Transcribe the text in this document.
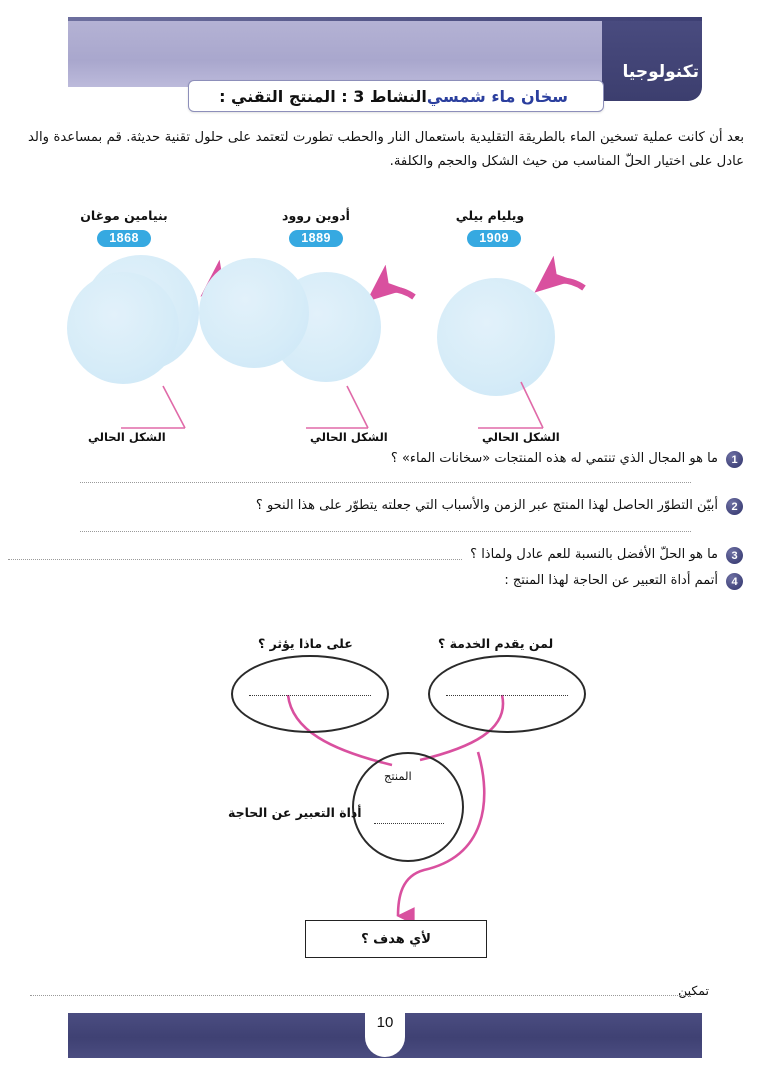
تكنولوجيا
سخان ماء شمسي
النشاط 3 : المنتج التقني :
بعد أن كانت عملية تسخين الماء بالطريقة التقليدية باستعمال النار والحطب تطورت لتعتمد على حلول تقنية حديثة. قم بمساعدة والد عادل على اختيار الحلّ المناسب من حيث الشكل والحجم والكلفة.
بنيامين موغان
1868
أدوين روود
1889
ويليام بيلي
1909
الشكل الحالي	الشكل الحالي	الشكل الحالي
1
ما هو المجال الذي تنتمي له هذه المنتجات «سخانات الماء» ؟
2
أبيّن التطوّر الحاصل لهذا المنتج عبر الزمن والأسباب التي جعلته يتطوّر على هذا النحو ؟
3
ما هو الحلّ الأفضل بالنسبة للعم عادل ولماذا ؟
4
أتمم أداة التعبير عن الحاجة لهذا المنتج :
لمن يقدم الخدمة ؟
على ماذا يؤثر ؟
المنتج
أداة التعبير عن الحاجة
لأي هدف ؟
تمكين
10
